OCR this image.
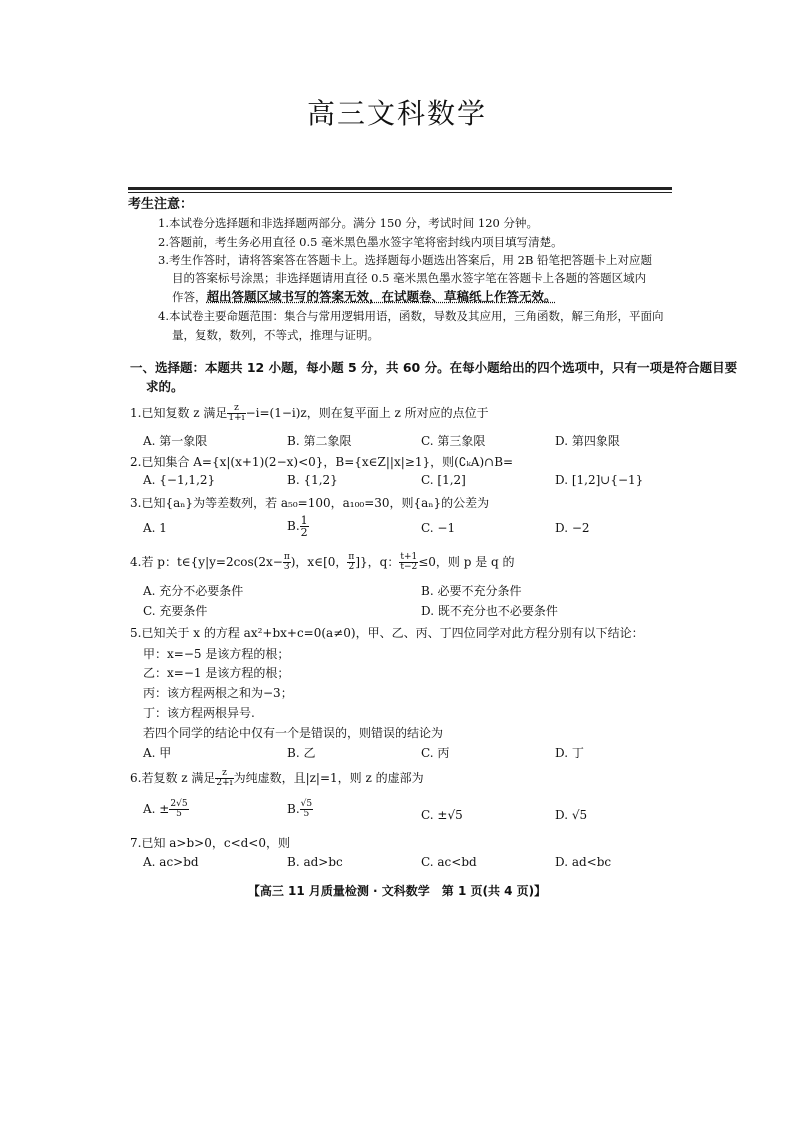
高三文科数学
考生注意：
1.本试卷分选择题和非选择题两部分。满分 150 分，考试时间 120 分钟。
2.答题前，考生务必用直径 0.5 毫米黑色墨水签字笔将密封线内项目填写清楚。
3.考生作答时，请将答案答在答题卡上。选择题每小题选出答案后，用 2B 铅笔把答题卡上对应题
目的答案标号涂黑；非选择题请用直径 0.5 毫米黑色墨水签字笔在答题卡上各题的答题区域内
作答，超出答题区域书写的答案无效，在试题卷、草稿纸上作答无效。
4.本试卷主要命题范围：集合与常用逻辑用语，函数，导数及其应用，三角函数，解三角形，平面向
量，复数，数列，不等式，推理与证明。
一、选择题：本题共 12 小题，每小题 5 分，共 60 分。在每小题给出的四个选项中，只有一项是符合题目要
求的。
1.已知复数 z 满足 $\frac{z}{1+i} -i=(1-i)z$，则在复平面上 z 所对应的点位于
A. 第一象限	B. 第二象限	C. 第三象限	D. 第四象限
2.已知集合 A={x|(x+1)(2−x)<0}，B={x∈Z||x|≥1}，则(∁ₖA)∩B=
A. {−1,1,2}	B. {1,2}	C. [1,2]	D. [1,2]∪{−1}
3.已知{aₙ}为等差数列，若 a₅₀=100，a₁₀₀=30，则{aₙ}的公差为
A. 1	B. $\frac{1}{2}$	C. −1	D. −2
4.若 p：t∈{y|y=2cos(2x− $\frac{\pi}{3}$ )，x∈[0， $\frac{\pi}{2}$ ]}，q： $\frac{t+1}{t-2} \le 0$，则 p 是 q 的
A. 充分不必要条件	B. 必要不充分条件
C. 充要条件	D. 既不充分也不必要条件
5.已知关于 x 的方程 ax²+bx+c=0(a≠0)，甲、乙、丙、丁四位同学对此方程分别有以下结论：
甲：x=−5 是该方程的根；
乙：x=−1 是该方程的根；
丙：该方程两根之和为−3；
丁：该方程两根异号.
若四个同学的结论中仅有一个是错误的，则错误的结论为
A. 甲	B. 乙	C. 丙	D. 丁
6.若复数 z 满足 $\frac{z}{2+i}$ 为纯虚数，且|z|=1，则 z 的虚部为
A. ± $\frac{2√5}{5}$	B. $\frac{√5}{5}$	C. ±√5	D. √5
7.已知 a>b>0，c<d<0，则
A. ac>bd	B. ad>bc	C. ac<bd	D. ad<bc
【高三 11 月质量检测 · 文科数学　第 1 页(共 4 页)】
